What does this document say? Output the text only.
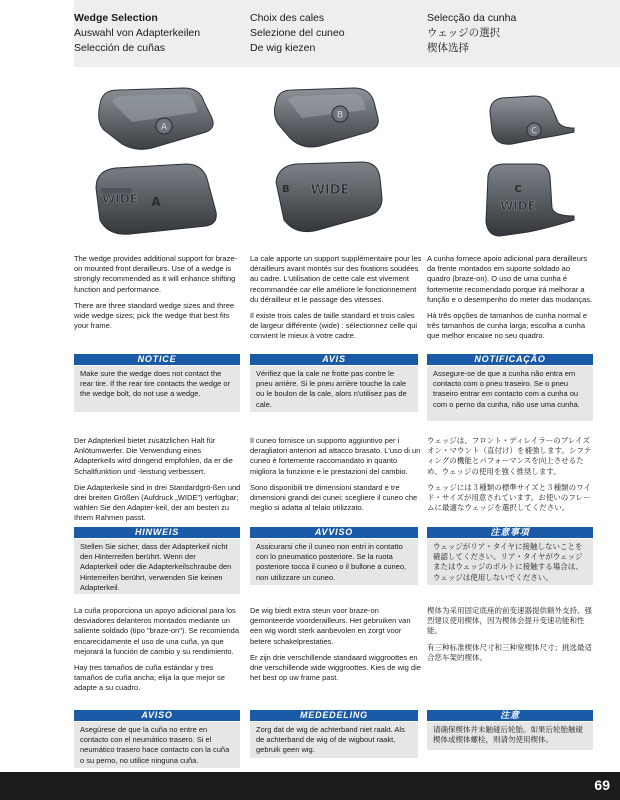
Wedge Selection
Auswahl von Adapterkeilen
Selección de cuñas
Choix des cales
Selezione del cuneo
De wig kiezen
Selecção da cunha
ウェッジの選択
楔体选择
A
WIDE A
B
B WIDE
C
C
WIDE

The wedge provides additional support for braze-on mounted front derailleurs. Use of a wedge is strongly recommended as it will enhance shifting function and performance.

There are three standard wedge sizes and three wide wedge sizes; pick the wedge that best fits your frame.

La cale apporte un support supplémentaire pour les dérailleurs avant montés sur des fixations soudées au cadre. L'utilisation de cette cale est vivement recommandée car elle améliore le fonctionnement du dérailleur et le passage des vitesses.

Il existe trois cales de taille standard et trois cales de largeur différente (wide) : sélectionnez celle qui convient le mieux à votre cadre.

A cunha fornece apoio adicional para derailleurs da frente montados em suporte soldado ao quadro (braze-on). O uso de uma cunha é fortemente recomendado porque irá melhorar a função e o desempenho do meter das mudanças.

Há três opções de tamanhos de cunha normal e três tamanhos de cunha larga; escolha a cunha que melhor encaixe no seu quadro.

NOTICE	AVIS	NOTIFICAÇÃO
Make sure the wedge does not contact the rear tire. If the rear tire contacts the wedge or the wedge bolt, do not use a wedge.
Vérifiez que la cale ne frotte pas contre le pneu arrière. Si le pneu arrière touche la cale ou le boulon de la cale, alors n'utilisez pas de cale.
Assegure-se de que a cunha não entra em contacto com o pneu traseiro. Se o pneu traseiro entrar em contacto com a cunha ou com o perno da cunha, não use uma cunha.

Der Adapterkeil bietet zusätzlichen Halt für Anlötumwerfer. Die Verwendung eines Adapterkeils wird dringend empfohlen, da er die Schaltfunktion und -leistung verbessert.

Die Adapterkeile sind in drei Standardgrö-ßen und drei breiten Größen (Aufdruck „WIDE") verfügbar; wählen Sie den Adapter-keil, der am besten zu Ihrem Rahmen passt.

Il cuneo fornisce un supporto aggiuntivo per i deragliatori anteriori ad attacco brasato. L'uso di un cuneo è fortemente raccomandato in quanto migliora la funzione e le prestazioni del cambio.

Sono disponibili tre dimensioni standard e tre dimensioni grandi dei cunei; scegliere il cuneo che meglio si adatta al telaio utilizzato.

ウェッジは、フロント・ディレイラーのブレイズオン・マウント（直付け）を補強します。シフティングの機能とパフォーマンスを向上させるため、ウェッジの使用を強く推奨します。

ウェッジには３種類の標準サイズと３種類のワイド・サイズが用意されています。お使いのフレームに最適なウェッジを選択してください。

HINWEIS	AVVISO	注意事項
Stellen Sie sicher, dass der Adapterkeil nicht den Hinterreifen berührt. Wenn der Adapterkeil oder die Adapterkeilschraube den Hinterreifen berührt, verwenden Sie keinen Adapterkeil.
Assicurarsi che il cuneo non entri in contatto con lo pneumatico posteriore. Se la ruota posteriore tocca il cuneo o il bullone a cuneo, non utilizzare un cuneo.
ウェッジがリア・タイヤに接触しないことを確認してください。リア・タイヤがウェッジまたはウェッジのボルトに接触する場合は、ウェッジは使用しないでください。

La cuña proporciona un apoyo adicional para los desviadores delanteros montados mediante un saliente soldado (tipo "braze-on"). Se recomienda encarecidamente el uso de una cuña, ya que mejorará la función de cambio y su rendimiento.

Hay tres tamaños de cuña estándar y tres tamaños de cuña ancha; elija la que mejor se adapte a su cuadro.

De wig biedt extra steun voor braze-on gemonteerde voorderailleurs. Het gebruiken van een wig wordt sterk aanbevolen en zorgt voor betere schakelprestaties.

Er zijn drie verschillende standaard wiggroottes en drie verschillende wide wiggroottes. Kies de wig die het best op uw frame past.

楔体为采用固定底座的前变速器提供额外支持。强烈建议使用楔体，因为楔体会提升变速功能和性能。

有三种标准楔体尺寸和三种宽楔体尺寸；挑选最适合您车架的楔体。

AVISO	MEDEDELING	注意
Asegúrese de que la cuña no entre en contacto con el neumático trasero. Si el neumático trasero hace contacto con la cuña o su perno, no utilice ninguna cuña.
Zorg dat de wig de achterband niet raakt. Als de achterband de wig of de wigbout raakt, gebruik geen wig.
请确保楔体并未触碰后轮胎。如果后轮胎触碰楔体或楔体螺栓，则请勿使用楔体。
69
